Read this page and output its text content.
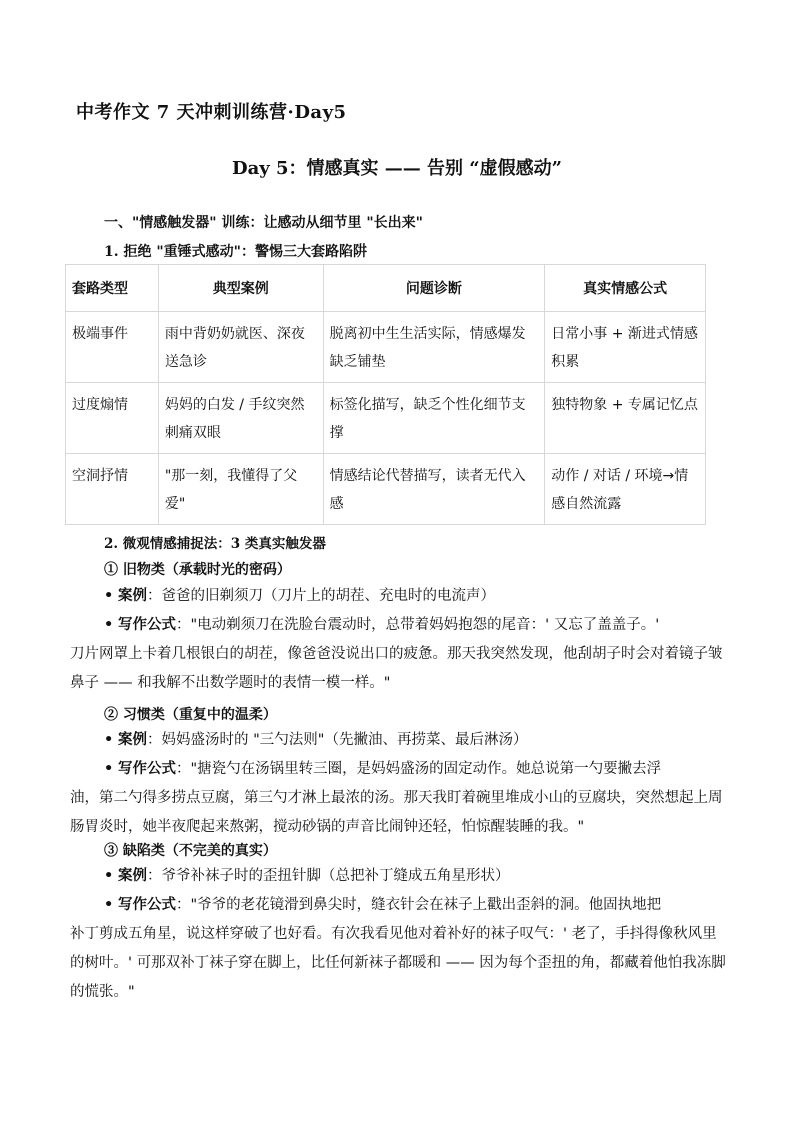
中考作文 7 天冲刺训练营·Day5
Day 5：情感真实 —— 告别 “虚假感动”
一、"情感触发器" 训练：让感动从细节里 "长出来"
1. 拒绝 "重锤式感动"：警惕三大套路陷阱
套路类型	典型案例	问题诊断	真实情感公式
极端事件	雨中背奶奶就医、深夜送急诊	脱离初中生生活实际，情感爆发缺乏铺垫	日常小事 + 渐进式情感积累
过度煽情	妈妈的白发 / 手纹突然刺痛双眼	标签化描写，缺乏个性化细节支撑	独特物象 + 专属记忆点
空洞抒情	"那一刻，我懂得了父爱"	情感结论代替描写，读者无代入感	动作 / 对话 / 环境→情感自然流露
2. 微观情感捕捉法：3 类真实触发器
① 旧物类（承载时光的密码）
• 案例：爸爸的旧剃须刀（刀片上的胡茬、充电时的电流声）
• 写作公式："电动剃须刀在洗脸台震动时，总带着妈妈抱怨的尾音：' 又忘了盖盖子。'
刀片网罩上卡着几根银白的胡茬，像爸爸没说出口的疲惫。那天我突然发现，他刮胡子时会对着镜子皱鼻子 —— 和我解不出数学题时的表情一模一样。"
② 习惯类（重复中的温柔）
• 案例：妈妈盛汤时的 "三勺法则"（先撇油、再捞菜、最后淋汤）
• 写作公式："搪瓷勺在汤锅里转三圈，是妈妈盛汤的固定动作。她总说第一勺要撇去浮
油，第二勺得多捞点豆腐，第三勺才淋上最浓的汤。那天我盯着碗里堆成小山的豆腐块，突然想起上周肠胃炎时，她半夜爬起来熬粥，搅动砂锅的声音比闹钟还轻，怕惊醒装睡的我。"
③ 缺陷类（不完美的真实）
• 案例：爷爷补袜子时的歪扭针脚（总把补丁缝成五角星形状）
• 写作公式："爷爷的老花镜滑到鼻尖时，缝衣针会在袜子上戳出歪斜的洞。他固执地把
补丁剪成五角星，说这样穿破了也好看。有次我看见他对着补好的袜子叹气：' 老了，手抖得像秋风里的树叶。' 可那双补丁袜子穿在脚上，比任何新袜子都暖和 —— 因为每个歪扭的角，都藏着他怕我冻脚的慌张。"
